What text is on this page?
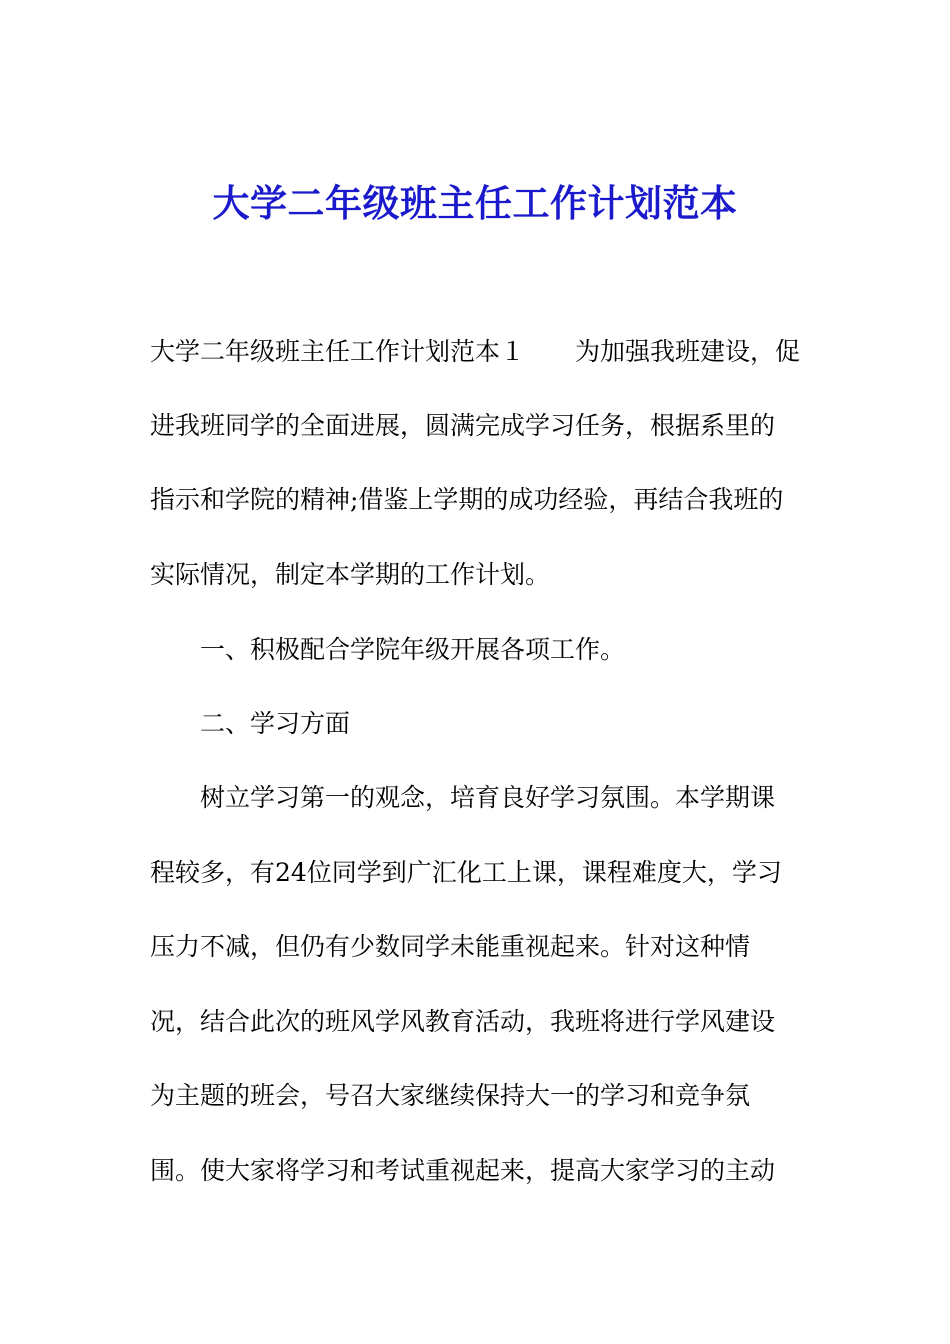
大学二年级班主任工作计划范本
大学二年级班主任工作计划范本１　　为加强我班建设，促
进我班同学的全面进展，圆满完成学习任务，根据系里的
指示和学院的精神;借鉴上学期的成功经验，再结合我班的
实际情况，制定本学期的工作计划。
　　一、积极配合学院年级开展各项工作。
　　二、学习方面
　　树立学习第一的观念，培育良好学习氛围。本学期课
程较多，有24位同学到广汇化工上课，课程难度大，学习
压力不减，但仍有少数同学未能重视起来。针对这种情
况，结合此次的班风学风教育活动，我班将进行学风建设
为主题的班会，号召大家继续保持大一的学习和竞争氛
围。使大家将学习和考试重视起来，提高大家学习的主动
